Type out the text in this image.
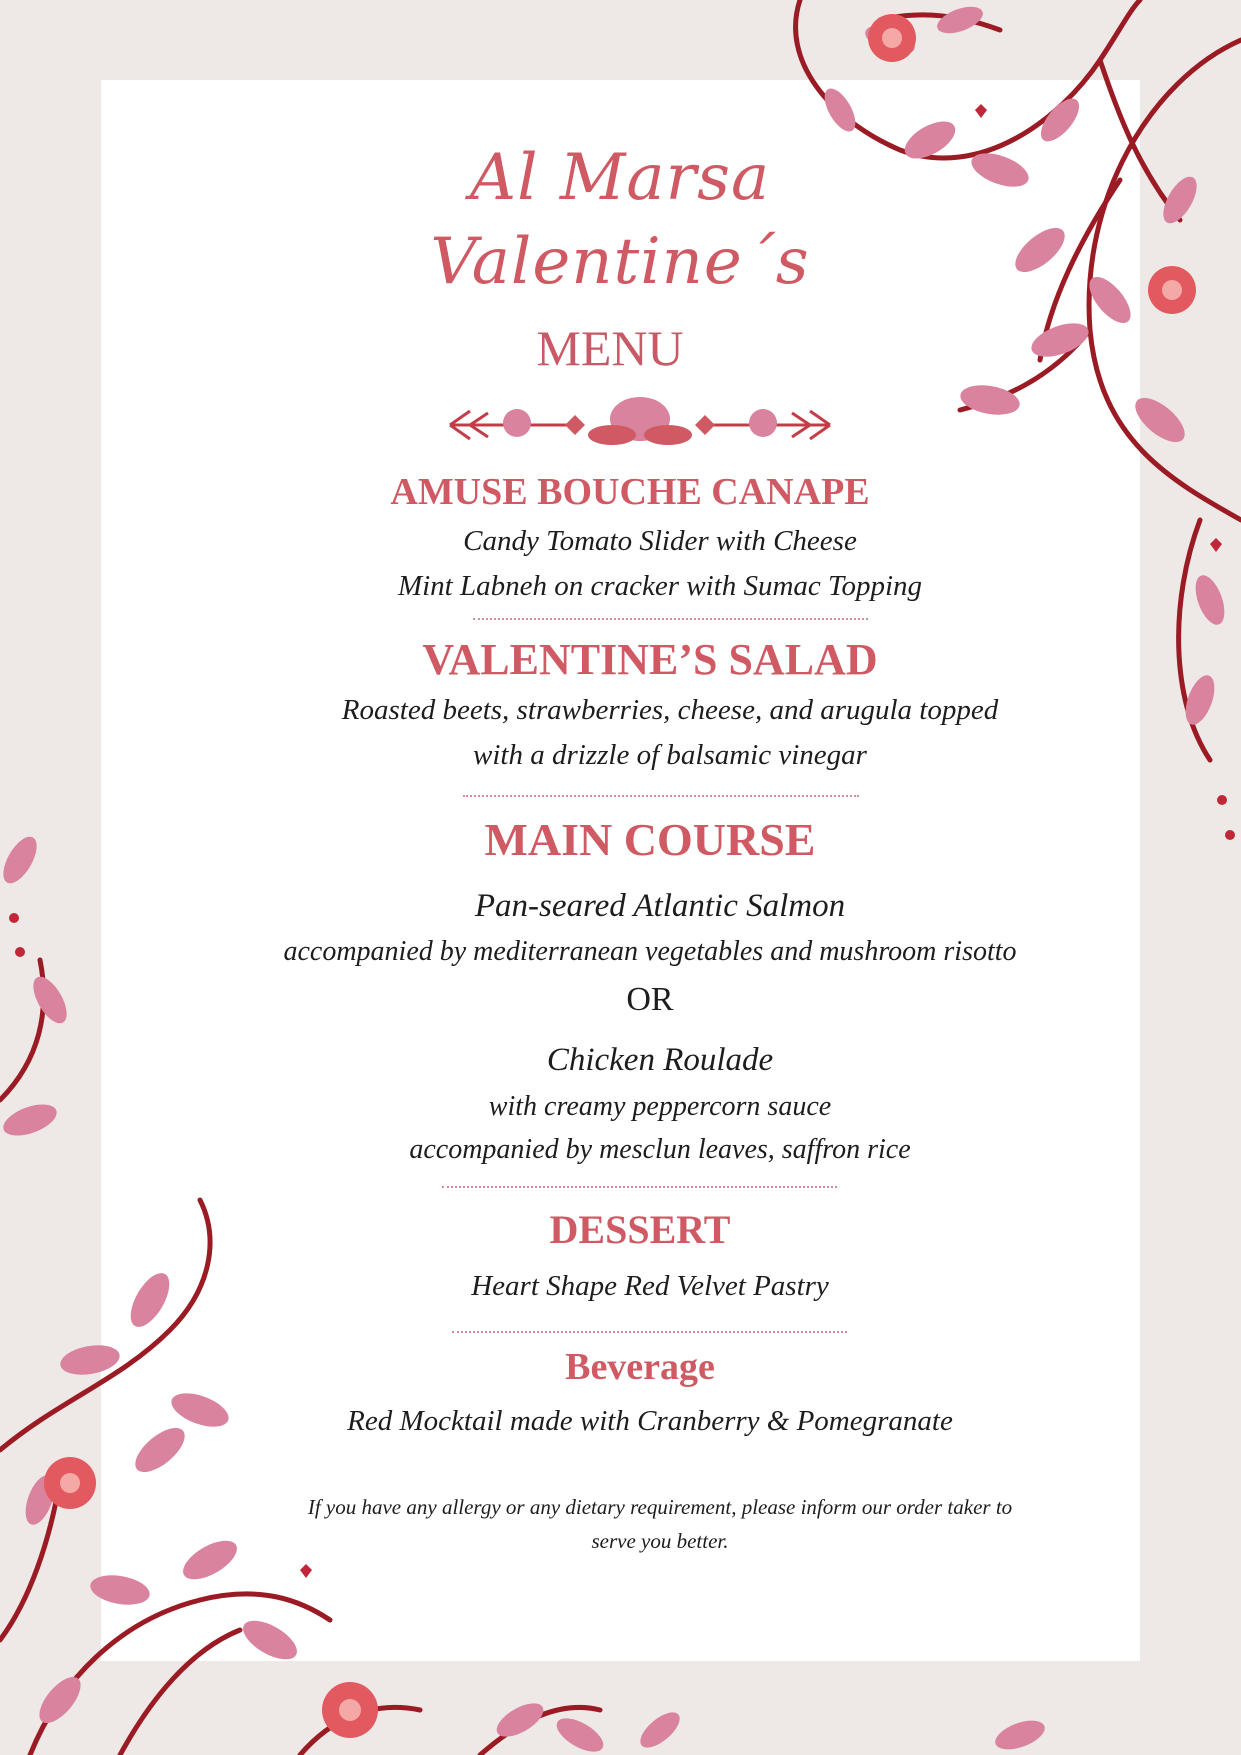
Al Marsa
Valentine´s
MENU
AMUSE BOUCHE CANAPE
Candy Tomato Slider with Cheese
Mint Labneh on cracker with Sumac Topping
VALENTINE’S SALAD
Roasted beets, strawberries, cheese, and arugula topped
with a drizzle of balsamic vinegar
MAIN COURSE
Pan-seared Atlantic Salmon
accompanied by mediterranean vegetables and mushroom risotto
OR
Chicken Roulade
with creamy peppercorn sauce
accompanied by mesclun leaves, saffron rice
DESSERT
Heart Shape Red Velvet Pastry
Beverage
Red Mocktail made with Cranberry & Pomegranate
If you have any allergy or any dietary requirement, please inform our order taker to
serve you better.
